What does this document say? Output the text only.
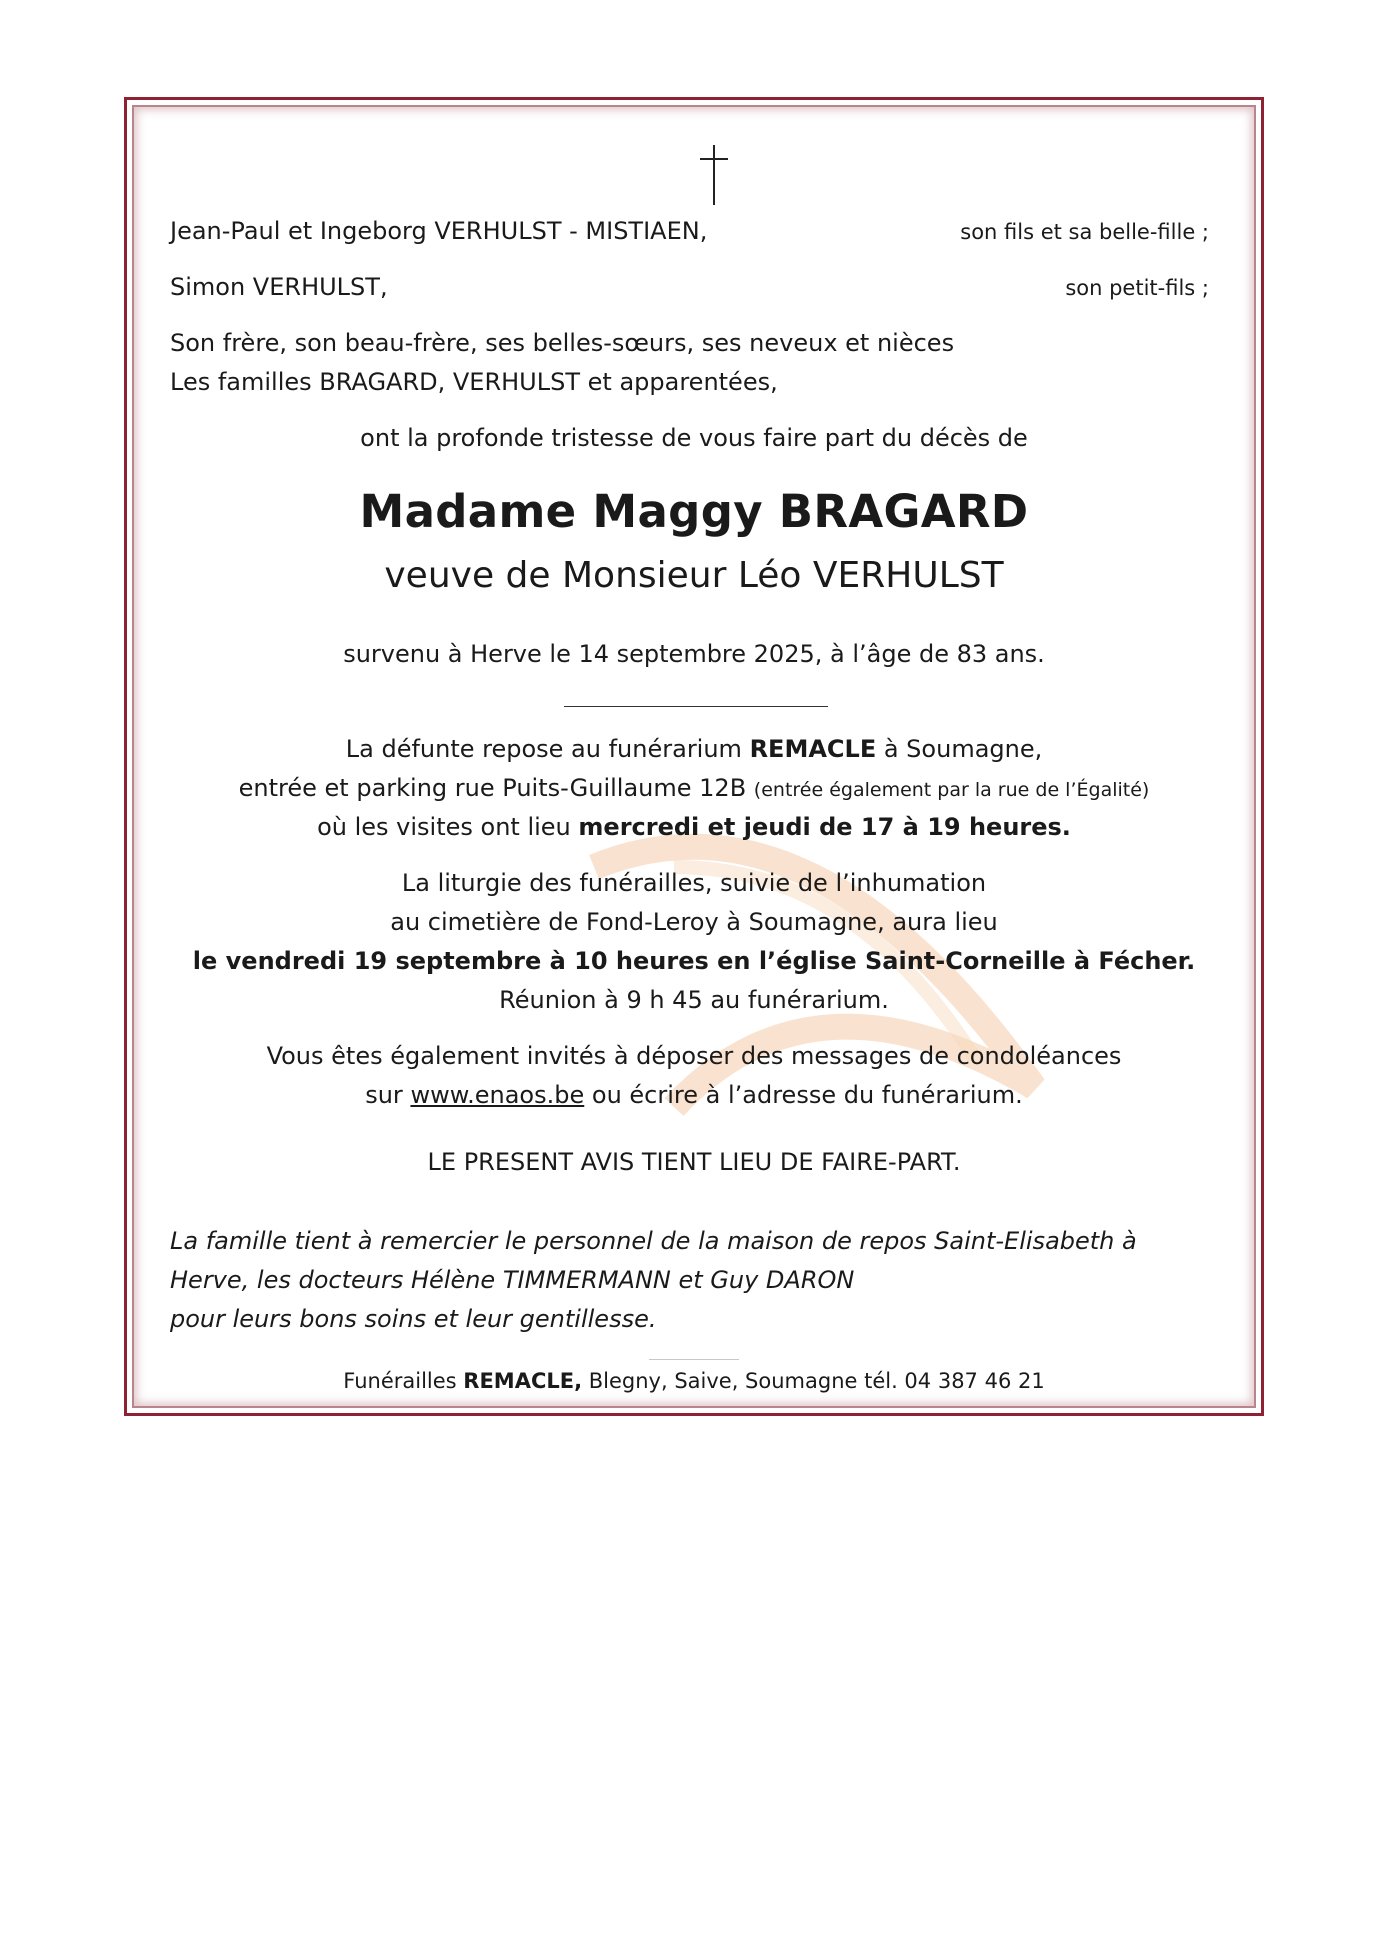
Jean-Paul et Ingeborg VERHULST - MISTIAEN,	son fils et sa belle-fille ;
Simon VERHULST,	son petit-fils ;
Son frère, son beau-frère, ses belles-sœurs, ses neveux et nièces
Les familles BRAGARD, VERHULST et apparentées,
ont la profonde tristesse de vous faire part du décès de
Madame Maggy BRAGARD
veuve de Monsieur Léo VERHULST
survenu à Herve le 14 septembre 2025, à l’âge de 83 ans.
La défunte repose au funérarium REMACLE à Soumagne,
entrée et parking rue Puits-Guillaume 12B (entrée également par la rue de l’Égalité)
où les visites ont lieu mercredi et jeudi de 17 à 19 heures.
La liturgie des funérailles, suivie de l’inhumation
au cimetière de Fond-Leroy à Soumagne, aura lieu
le vendredi 19 septembre à 10 heures en l’église Saint-Corneille à Fécher.
Réunion à 9 h 45 au funérarium.
Vous êtes également invités à déposer des messages de condoléances
sur www.enaos.be ou écrire à l’adresse du funérarium.
LE PRESENT AVIS TIENT LIEU DE FAIRE-PART.
La famille tient à remercier le personnel de la maison de repos Saint-Elisabeth à
Herve, les docteurs Hélène TIMMERMANN et Guy DARON
pour leurs bons soins et leur gentillesse.
Funérailles REMACLE, Blegny, Saive, Soumagne tél. 04 387 46 21
